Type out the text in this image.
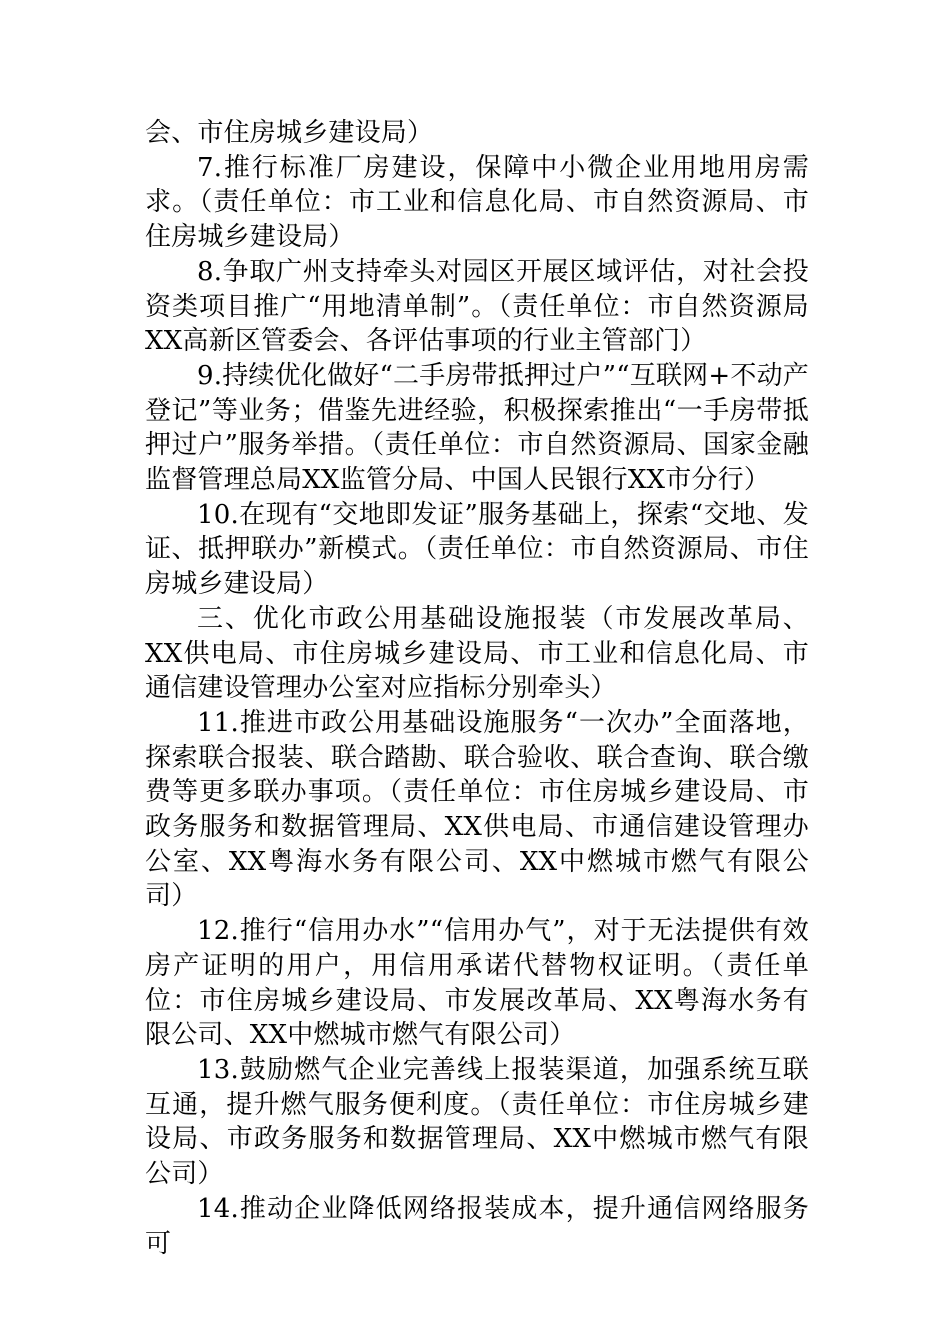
会、市住房城乡建设局）

7.推行标准厂房建设，保障中小微企业用地用房需求。（责任单位：市工业和信息化局、市自然资源局、市住房城乡建设局）

8.争取广州支持牵头对园区开展区域评估，对社会投资类项目推广“用地清单制”。（责任单位：市自然资源局XX高新区管委会、各评估事项的行业主管部门）

9.持续优化做好“二手房带抵押过户”“互联网+不动产登记”等业务；借鉴先进经验，积极探索推出“一手房带抵押过户”服务举措。（责任单位：市自然资源局、国家金融监督管理总局XX监管分局、中国人民银行XX市分行）

10.在现有“交地即发证”服务基础上，探索“交地、发证、抵押联办”新模式。（责任单位：市自然资源局、市住房城乡建设局）

三、优化市政公用基础设施报装（市发展改革局、XX供电局、市住房城乡建设局、市工业和信息化局、市通信建设管理办公室对应指标分别牵头）

11.推进市政公用基础设施服务“一次办”全面落地，探索联合报装、联合踏勘、联合验收、联合查询、联合缴费等更多联办事项。（责任单位：市住房城乡建设局、市政务服务和数据管理局、XX供电局、市通信建设管理办公室、XX粤海水务有限公司、XX中燃城市燃气有限公司）

12.推行“信用办水”“信用办气”，对于无法提供有效房产证明的用户，用信用承诺代替物权证明。（责任单位：市住房城乡建设局、市发展改革局、XX粤海水务有限公司、XX中燃城市燃气有限公司）

13.鼓励燃气企业完善线上报装渠道，加强系统互联互通，提升燃气服务便利度。（责任单位：市住房城乡建设局、市政务服务和数据管理局、XX中燃城市燃气有限公司）

14.推动企业降低网络报装成本，提升通信网络服务可
